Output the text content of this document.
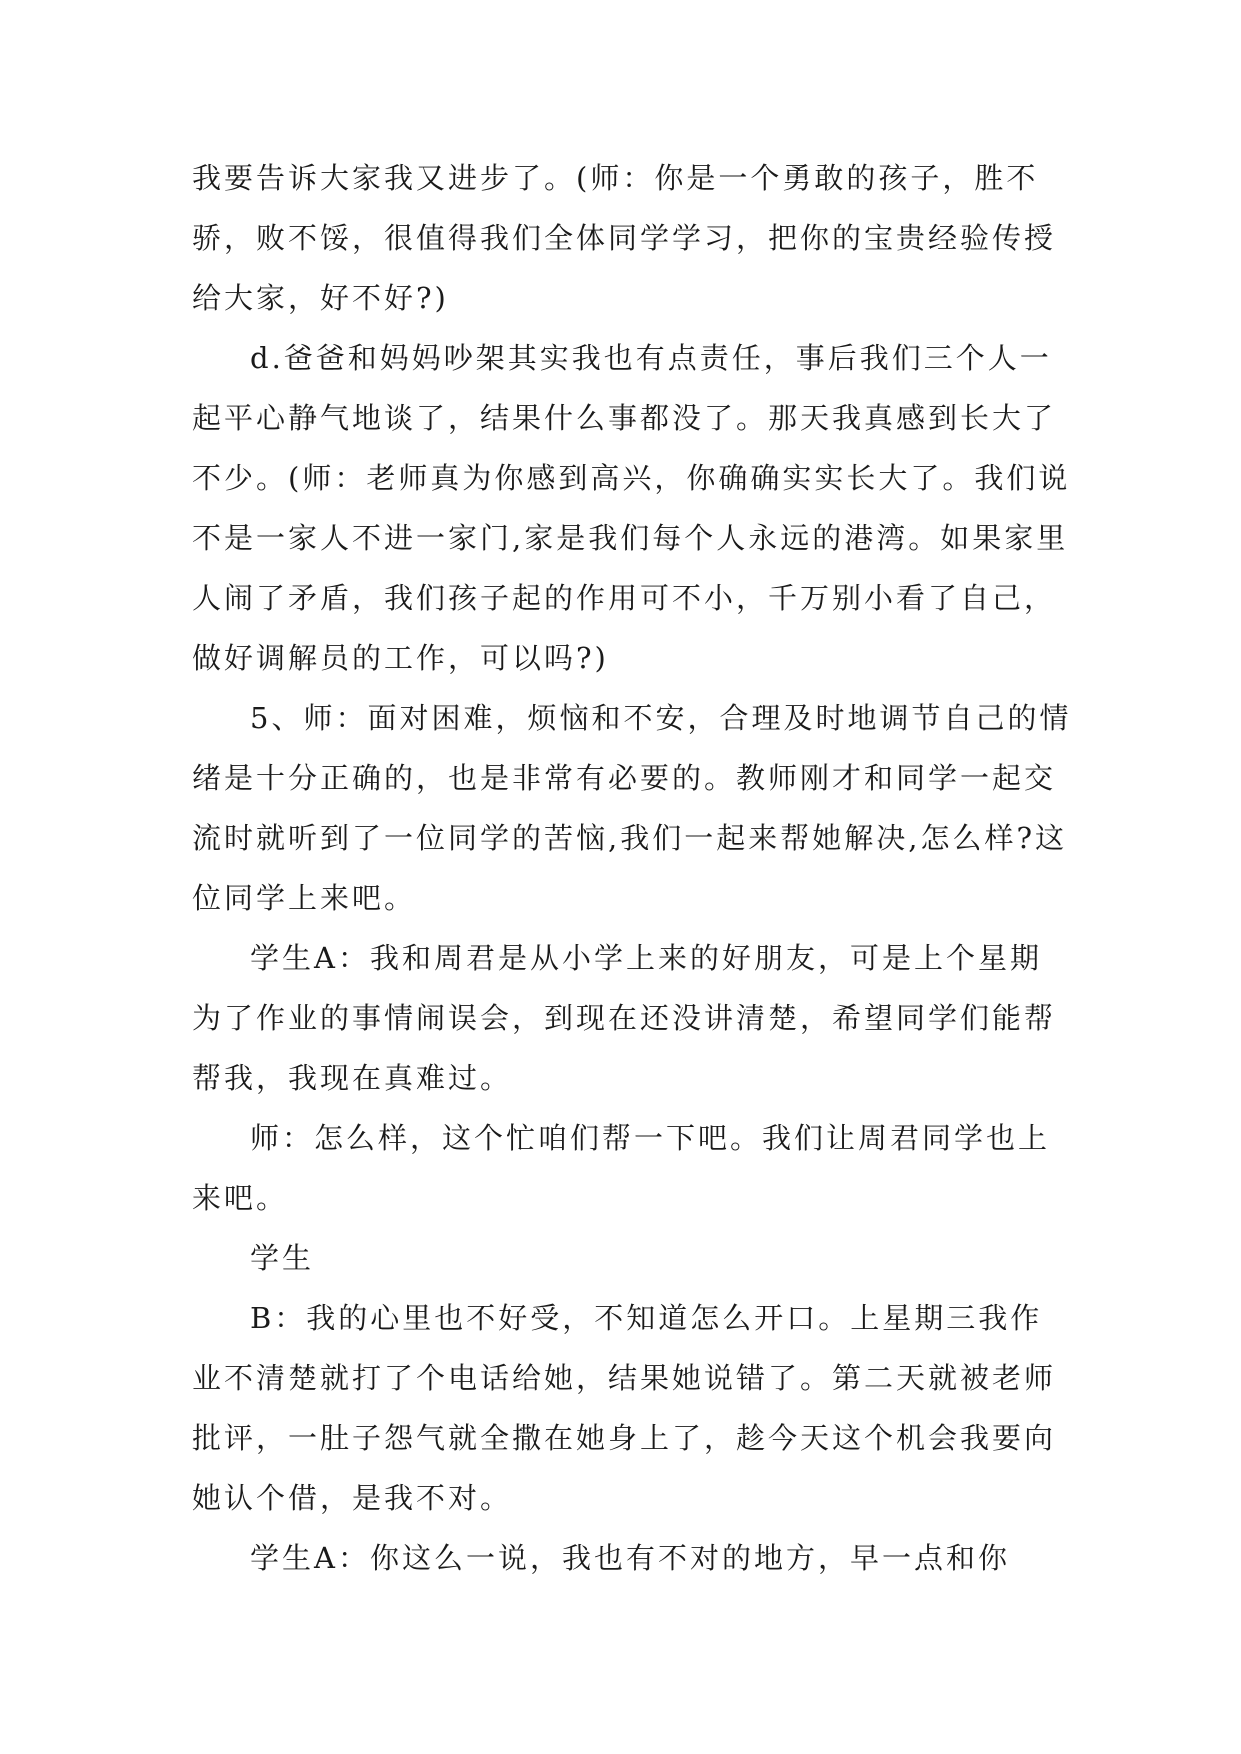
我要告诉大家我又进步了。(师：你是一个勇敢的孩子，胜不骄，败不馁，很值得我们全体同学学习，把你的宝贵经验传授给大家，好不好?)

d.爸爸和妈妈吵架其实我也有点责任，事后我们三个人一起平心静气地谈了，结果什么事都没了。那天我真感到长大了不少。(师：老师真为你感到高兴，你确确实实长大了。我们说不是一家人不进一家门,家是我们每个人永远的港湾。如果家里人闹了矛盾，我们孩子起的作用可不小，千万别小看了自己，做好调解员的工作，可以吗?)

5、师：面对困难，烦恼和不安，合理及时地调节自己的情绪是十分正确的，也是非常有必要的。教师刚才和同学一起交流时就听到了一位同学的苦恼,我们一起来帮她解决,怎么样?这位同学上来吧。

学生A：我和周君是从小学上来的好朋友，可是上个星期为了作业的事情闹误会，到现在还没讲清楚，希望同学们能帮帮我，我现在真难过。

师：怎么样，这个忙咱们帮一下吧。我们让周君同学也上来吧。

学生

B：我的心里也不好受，不知道怎么开口。上星期三我作业不清楚就打了个电话给她，结果她说错了。第二天就被老师批评，一肚子怨气就全撒在她身上了，趁今天这个机会我要向她认个借，是我不对。

学生A：你这么一说，我也有不对的地方，早一点和你
